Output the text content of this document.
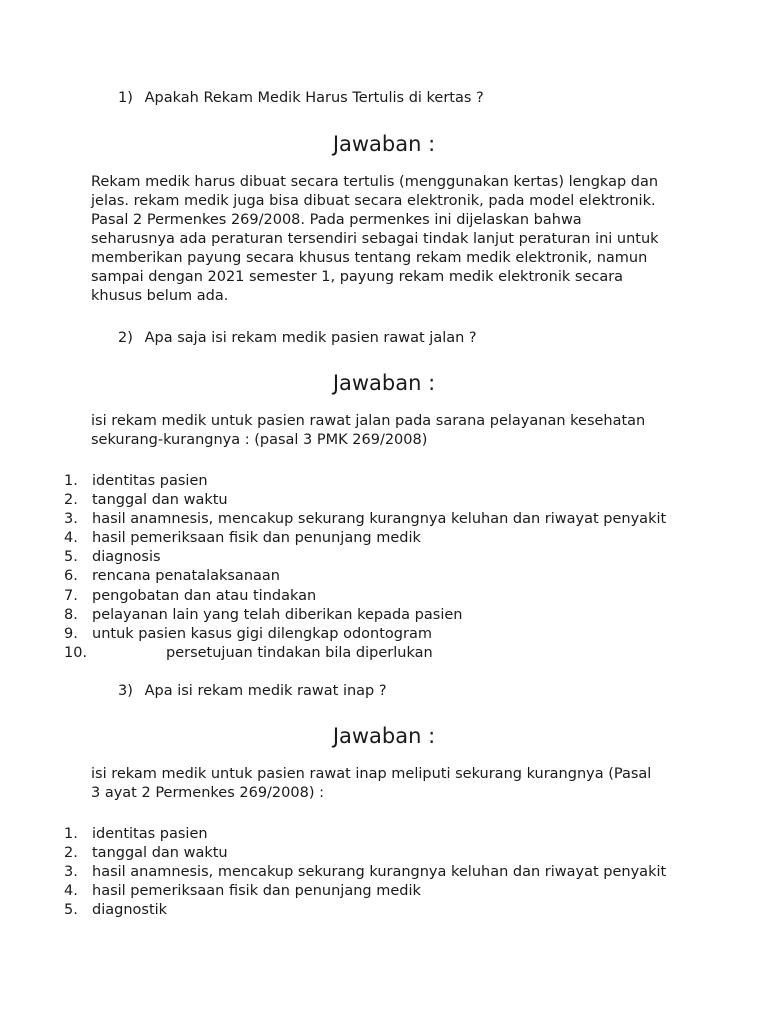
1) Apakah Rekam Medik Harus Tertulis di kertas ?
Jawaban :

Rekam medik harus dibuat secara tertulis (menggunakan kertas) lengkap dan

jelas. rekam medik juga bisa dibuat secara elektronik, pada model elektronik.

Pasal 2 Permenkes 269/2008. Pada permenkes ini dijelaskan bahwa

seharusnya ada peraturan tersendiri sebagai tindak lanjut peraturan ini untuk

memberikan payung secara khusus tentang rekam medik elektronik, namun

sampai dengan 2021 semester 1, payung rekam medik elektronik secara

khusus belum ada.

2) Apa saja isi rekam medik pasien rawat jalan ?
Jawaban :

isi rekam medik untuk pasien rawat jalan pada sarana pelayanan kesehatan

sekurang-kurangnya : (pasal 3 PMK 269/2008)

1. identitas pasien
2. tanggal dan waktu
3. hasil anamnesis, mencakup sekurang kurangnya keluhan dan riwayat penyakit
4. hasil pemeriksaan fisik dan penunjang medik
5. diagnosis
6. rencana penatalaksanaan
7. pengobatan dan atau tindakan
8. pelayanan lain yang telah diberikan kepada pasien
9. untuk pasien kasus gigi dilengkap odontogram
10.	persetujuan tindakan bila diperlukan
3) Apa isi rekam medik rawat inap ?
Jawaban :

isi rekam medik untuk pasien rawat inap meliputi sekurang kurangnya (Pasal

3 ayat 2 Permenkes 269/2008) :

1. identitas pasien
2. tanggal dan waktu
3. hasil anamnesis, mencakup sekurang kurangnya keluhan dan riwayat penyakit
4. hasil pemeriksaan fisik dan penunjang medik
5. diagnostik
